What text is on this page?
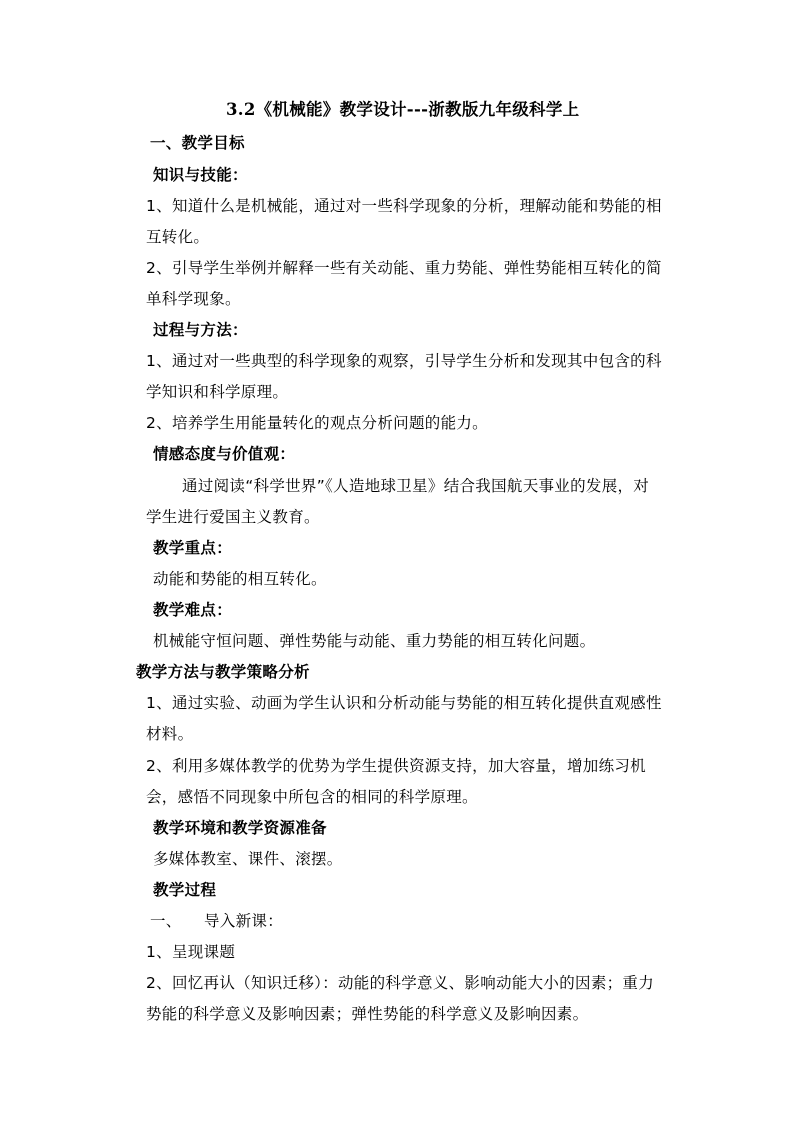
3.2《机械能》教学设计---浙教版九年级科学上
一、教学目标
知识与技能：
1、知道什么是机械能，通过对一些科学现象的分析，理解动能和势能的相
互转化。
2、引导学生举例并解释一些有关动能、重力势能、弹性势能相互转化的简
单科学现象。
过程与方法：
1、通过对一些典型的科学现象的观察，引导学生分析和发现其中包含的科
学知识和科学原理。
2、培养学生用能量转化的观点分析问题的能力。
情感态度与价值观：
通过阅读“科学世界”《人造地球卫星》结合我国航天事业的发展，对
学生进行爱国主义教育。
教学重点：
动能和势能的相互转化。
教学难点：
机械能守恒问题、弹性势能与动能、重力势能的相互转化问题。
教学方法与教学策略分析
1、通过实验、动画为学生认识和分析动能与势能的相互转化提供直观感性
材料。
2、利用多媒体教学的优势为学生提供资源支持，加大容量，增加练习机
会，感悟不同现象中所包含的相同的科学原理。
教学环境和教学资源准备
多媒体教室、课件、滚摆。
教学过程
一、 导入新课：
1、呈现课题
2、回忆再认（知识迁移）：动能的科学意义、影响动能大小的因素；重力
势能的科学意义及影响因素；弹性势能的科学意义及影响因素。
